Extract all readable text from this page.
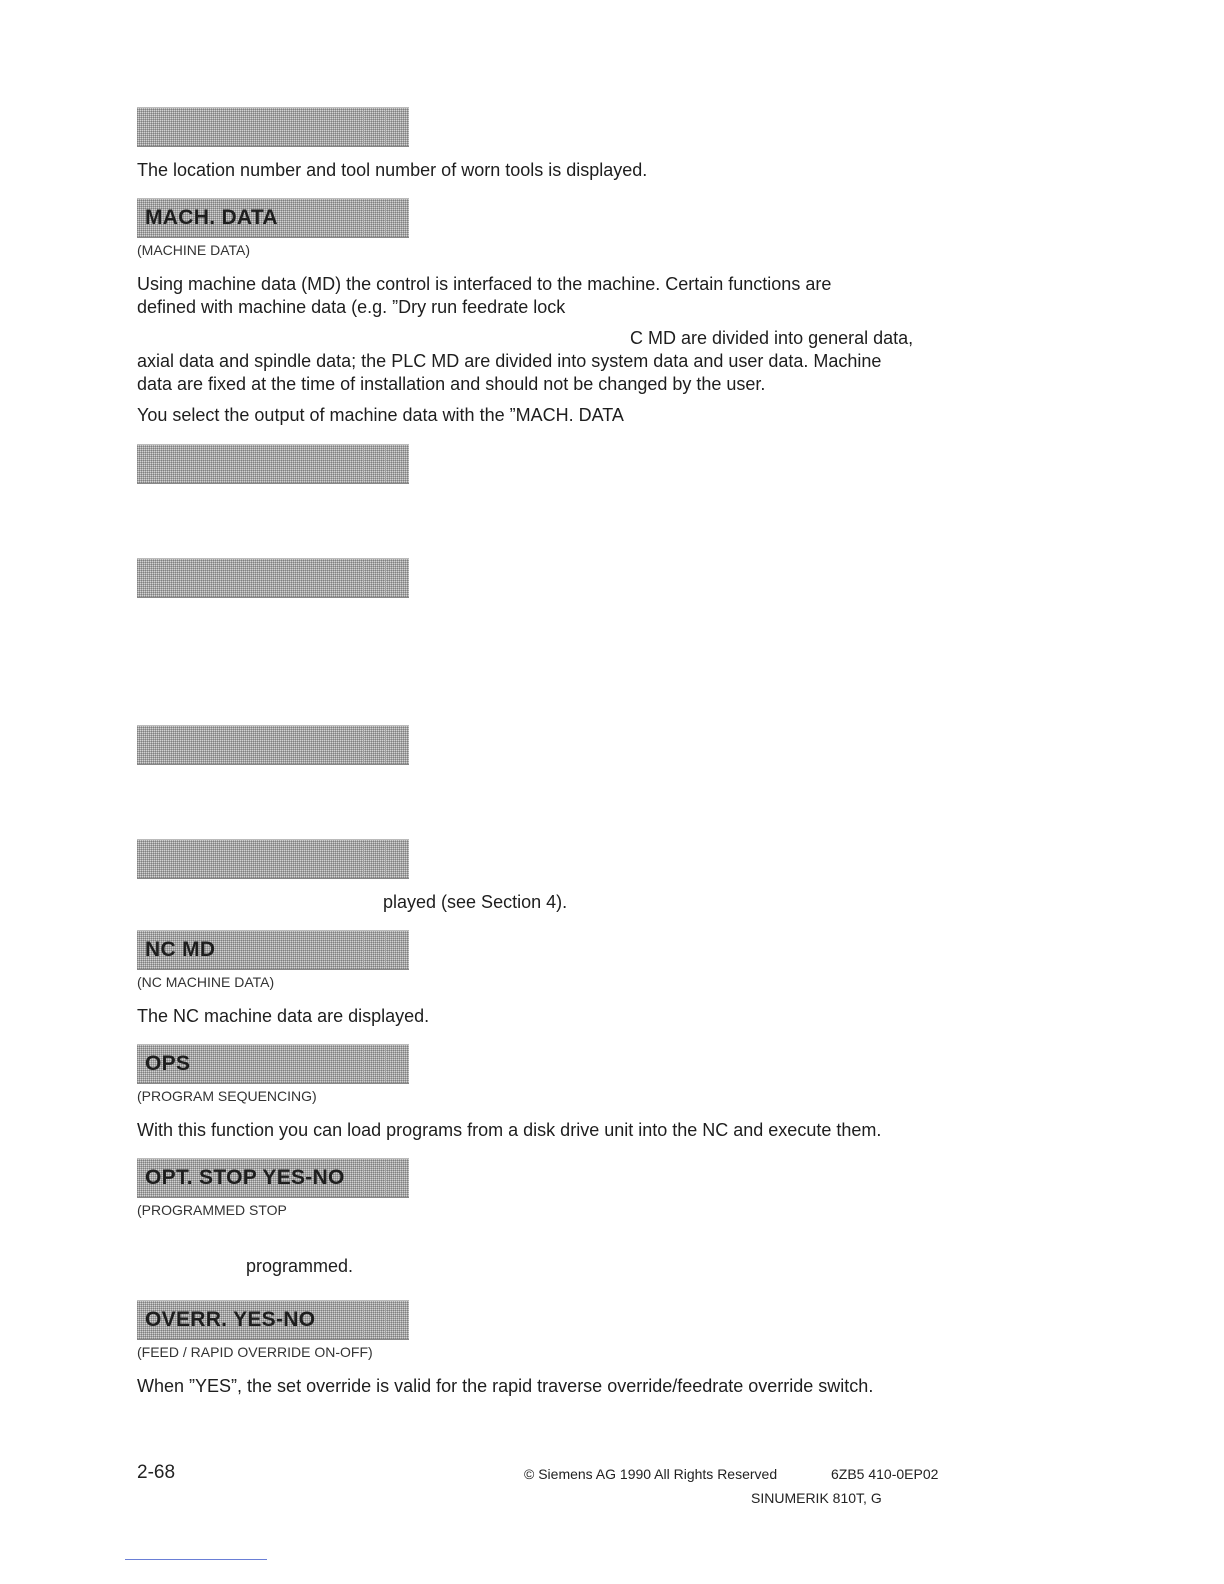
The location number and tool number of worn tools is displayed.
MACH. DATA
(MACHINE DATA)
Using machine data (MD) the control is interfaced to the machine. Certain functions are
defined with machine data (e.g. ”Dry run feedrate lock
C MD are divided into general data,
axial data and spindle data; the PLC MD are divided into system data and user data. Machine
data are fixed at the time of installation and should not be changed by the user.
You select the output of machine data with the ”MACH. DATA
played (see Section 4).
NC MD
(NC MACHINE DATA)
The NC machine data are displayed.
OPS
(PROGRAM SEQUENCING)
With this function you can load programs from a disk drive unit into the NC and execute them.
OPT. STOP YES-NO
(PROGRAMMED STOP
programmed.
OVERR. YES-NO
(FEED / RAPID OVERRIDE ON-OFF)
When ”YES”, the set override is valid for the rapid traverse override/feedrate override switch.
2-68	© Siemens AG 1990 All Rights Reserved	6ZB5 410-0EP02
SINUMERIK 810T, G
